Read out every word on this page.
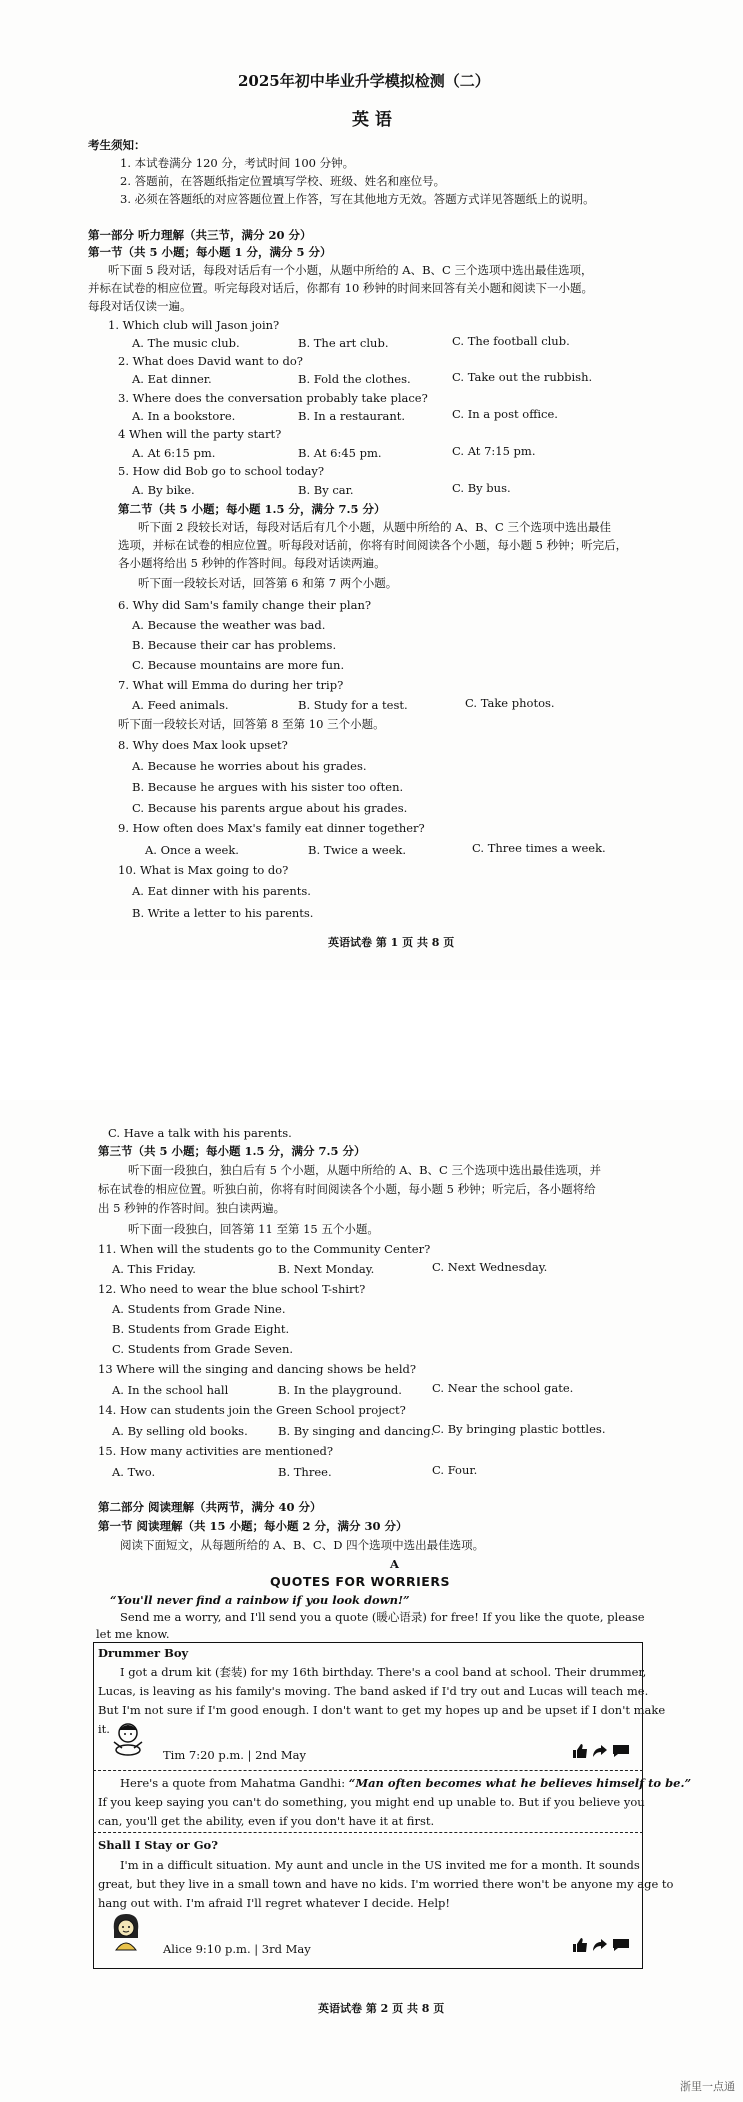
2025年初中毕业升学模拟检测（二）
英 语
考生须知：
1. 本试卷满分 120 分，考试时间 100 分钟。
2. 答题前，在答题纸指定位置填写学校、班级、姓名和座位号。
3. 必须在答题纸的对应答题位置上作答，写在其他地方无效。答题方式详见答题纸上的说明。
第一部分 听力理解（共三节，满分 20 分）
第一节（共 5 小题；每小题 1 分，满分 5 分）
听下面 5 段对话，每段对话后有一个小题，从题中所给的 A、B、C 三个选项中选出最佳选项，
并标在试卷的相应位置。听完每段对话后，你都有 10 秒钟的时间来回答有关小题和阅读下一小题。
每段对话仅读一遍。
1. Which club will Jason join?
A. The music club.	B. The art club.	C. The football club.
2. What does David want to do?
A. Eat dinner.	B. Fold the clothes.	C. Take out the rubbish.
3. Where does the conversation probably take place?
A. In a bookstore.	B. In a restaurant.	C. In a post office.
4 When will the party start?
A. At 6:15 pm.	B. At 6:45 pm.	C. At 7:15 pm.
5. How did Bob go to school today?
A. By bike.	B. By car.	C. By bus.
第二节（共 5 小题；每小题 1.5 分，满分 7.5 分）
听下面 2 段较长对话，每段对话后有几个小题，从题中所给的 A、B、C 三个选项中选出最佳
选项，并标在试卷的相应位置。听每段对话前，你将有时间阅读各个小题，每小题 5 秒钟；听完后，
各小题将给出 5 秒钟的作答时间。每段对话读两遍。
听下面一段较长对话，回答第 6 和第 7 两个小题。
6. Why did Sam's family change their plan?
A. Because the weather was bad.
B. Because their car has problems.
C. Because mountains are more fun.
7. What will Emma do during her trip?
A. Feed animals.	B. Study for a test.	C. Take photos.
听下面一段较长对话，回答第 8 至第 10 三个小题。
8. Why does Max look upset?
A. Because he worries about his grades.
B. Because he argues with his sister too often.
C. Because his parents argue about his grades.
9. How often does Max's family eat dinner together?
A. Once a week.	B. Twice a week.	C. Three times a week.
10. What is Max going to do?
A. Eat dinner with his parents.
B. Write a letter to his parents.
英语试卷 第 1 页 共 8 页
C. Have a talk with his parents.
第三节（共 5 小题；每小题 1.5 分，满分 7.5 分）
听下面一段独白，独白后有 5 个小题，从题中所给的 A、B、C 三个选项中选出最佳选项，并
标在试卷的相应位置。听独白前，你将有时间阅读各个小题，每小题 5 秒钟；听完后，各小题将给
出 5 秒钟的作答时间。独白读两遍。
听下面一段独白，回答第 11 至第 15 五个小题。
11. When will the students go to the Community Center?
A. This Friday.	B. Next Monday.	C. Next Wednesday.
12. Who need to wear the blue school T-shirt?
A. Students from Grade Nine.
B. Students from Grade Eight.
C. Students from Grade Seven.
13 Where will the singing and dancing shows be held?
A. In the school hall	B. In the playground.	C. Near the school gate.
14. How can students join the Green School project?
A. By selling old books.	B. By singing and dancing.
C. By bringing plastic bottles.
15. How many activities are mentioned?
A. Two.	B. Three.	C. Four.
第二部分 阅读理解（共两节，满分 40 分）
第一节 阅读理解（共 15 小题；每小题 2 分，满分 30 分）
阅读下面短文，从每题所给的 A、B、C、D 四个选项中选出最佳选项。
A
QUOTES FOR WORRIERS
“You'll never find a rainbow if you look down!”
Send me a worry, and I'll send you a quote (暖心语录) for free! If you like the quote, please
let me know.
Drummer Boy
I got a drum kit (套装) for my 16th birthday. There's a cool band at school. Their drummer,
Lucas, is leaving as his family's moving. The band asked if I'd try out and Lucas will teach me.
But I'm not sure if I'm good enough. I don't want to get my hopes up and be upset if I don't make
it.
Tim 7:20 p.m. | 2nd May
Here's a quote from Mahatma Gandhi: “Man often becomes what he believes himself to be.”
If you keep saying you can't do something, you might end up unable to. But if you believe you
can, you'll get the ability, even if you don't have it at first.
Shall I Stay or Go?
I'm in a difficult situation. My aunt and uncle in the US invited me for a month. It sounds
great, but they live in a small town and have no kids. I'm worried there won't be anyone my age to
hang out with. I'm afraid I'll regret whatever I decide. Help!
Alice 9:10 p.m. | 3rd May
英语试卷 第 2 页 共 8 页
浙里一点通
